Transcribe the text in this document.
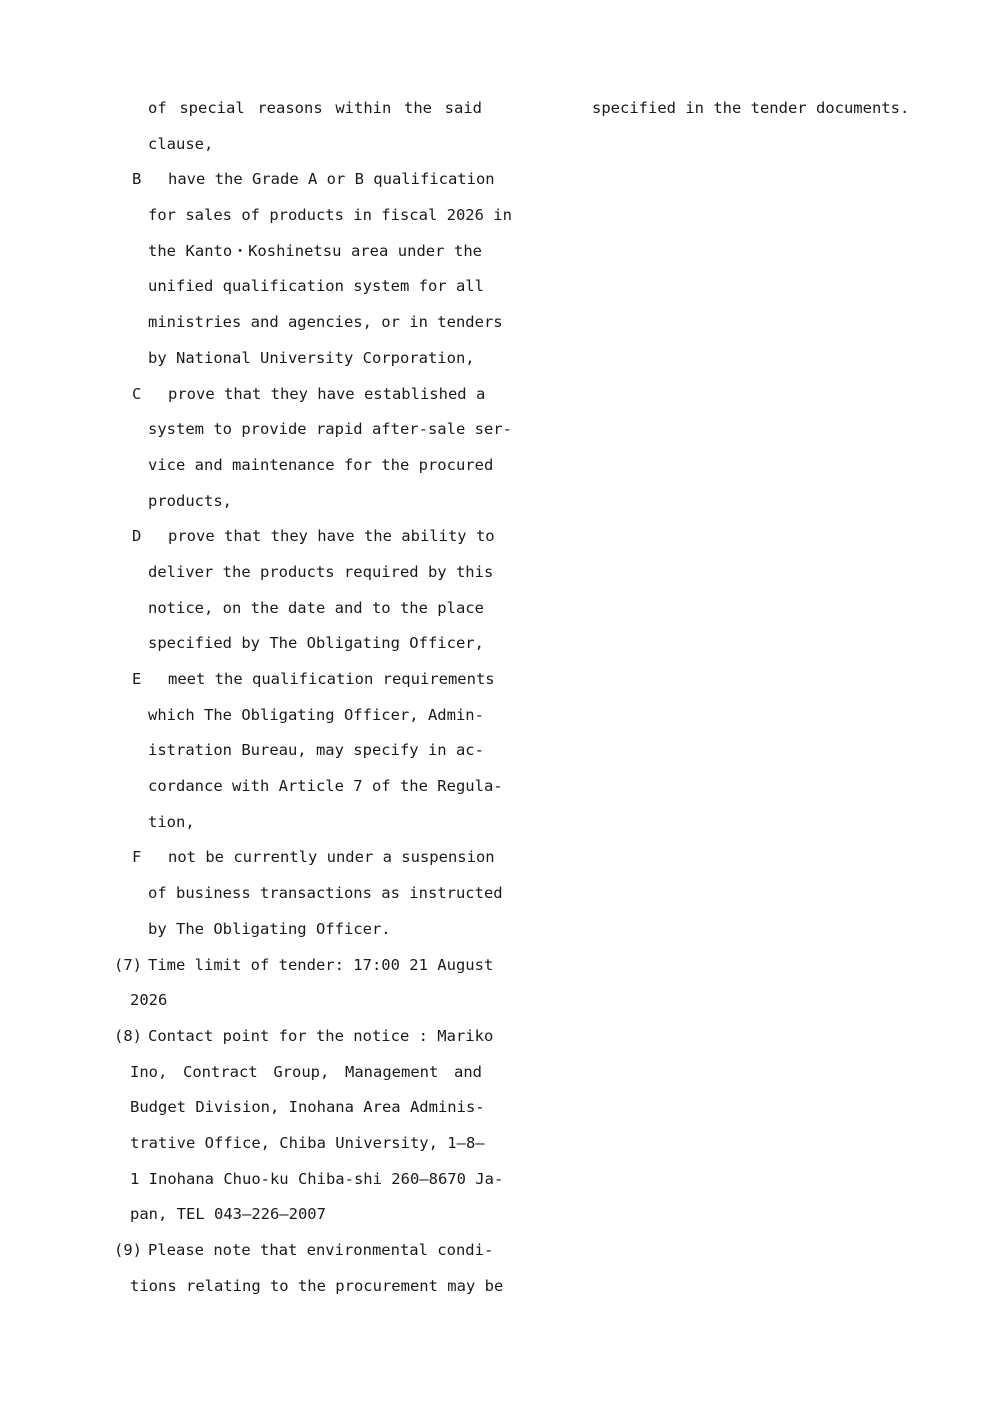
of special reasons within the said
clause,
B	have the Grade A or B qualification
for sales of products in fiscal 2026 in
the Kanto・Koshinetsu area under the
unified qualification system for all
ministries and agencies, or in tenders
by National University Corporation,
C	prove that they have established a
system to provide rapid after-sale ser-
vice and maintenance for the procured
products,
D	prove that they have the ability to
deliver the products required by this
notice, on the date and to the place
specified by The Obligating Officer,
E	meet the qualification requirements
which The Obligating Officer, Admin-
istration Bureau, may specify in ac-
cordance with Article 7 of the Regula-
tion,
F	not be currently under a suspension
of business transactions as instructed
by The Obligating Officer.
(7) Time limit of tender: 17:00 21 August
2026
(8) Contact point for the notice : Mariko
Ino, Contract Group, Management and
Budget Division, Inohana Area Adminis-
trative Office, Chiba University, 1―8―
1 Inohana Chuo-ku Chiba-shi 260―8670 Ja-
pan, TEL 043―226―2007
(9) Please note that environmental condi-
tions relating to the procurement may be
specified in the tender documents.
